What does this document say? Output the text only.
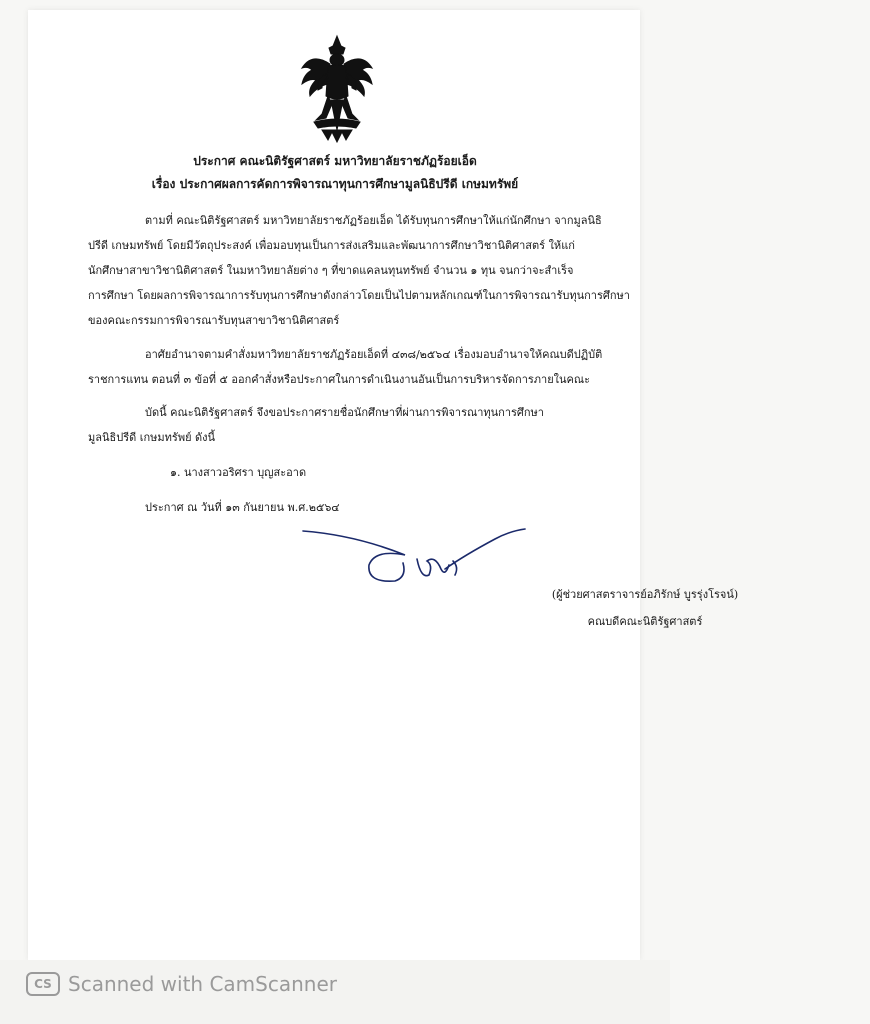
ประกาศ คณะนิติรัฐศาสตร์ มหาวิทยาลัยราชภัฏร้อยเอ็ด
เรื่อง ประกาศผลการคัดการพิจารณาทุนการศึกษามูลนิธิปรีดี เกษมทรัพย์
ตามที่ คณะนิติรัฐศาสตร์ มหาวิทยาลัยราชภัฏร้อยเอ็ด ได้รับทุนการศึกษาให้แก่นักศึกษา จากมูลนิธิ
ปรีดี เกษมทรัพย์ โดยมีวัตถุประสงค์ เพื่อมอบทุนเป็นการส่งเสริมและพัฒนาการศึกษาวิชานิติศาสตร์ ให้แก่
นักศึกษาสาขาวิชานิติศาสตร์ ในมหาวิทยาลัยต่าง ๆ ที่ขาดแคลนทุนทรัพย์ จำนวน ๑ ทุน จนกว่าจะสำเร็จ
การศึกษา โดยผลการพิจารณาการรับทุนการศึกษาดังกล่าวโดยเป็นไปตามหลักเกณฑ์ในการพิจารณารับทุนการศึกษา
ของคณะกรรมการพิจารณารับทุนสาขาวิชานิติศาสตร์
อาศัยอำนาจตามคำสั่งมหาวิทยาลัยราชภัฏร้อยเอ็ดที่ ๔๓๘/๒๕๖๔ เรื่องมอบอำนาจให้คณบดีปฏิบัติ
ราชการแทน ตอนที่ ๓ ข้อที่ ๕ ออกคำสั่งหรือประกาศในการดำเนินงานอันเป็นการบริหารจัดการภายในคณะ
บัดนี้ คณะนิติรัฐศาสตร์ จึงขอประกาศรายชื่อนักศึกษาที่ผ่านการพิจารณาทุนการศึกษา
มูลนิธิปรีดี เกษมทรัพย์ ดังนี้
๑. นางสาวอริศรา บุญสะอาด
ประกาศ ณ วันที่ ๑๓ กันยายน พ.ศ.๒๕๖๔
(ผู้ช่วยศาสตราจารย์อภิรักษ์ บูรรุ่งโรจน์)
คณบดีคณะนิติรัฐศาสตร์
CS Scanned with CamScanner
